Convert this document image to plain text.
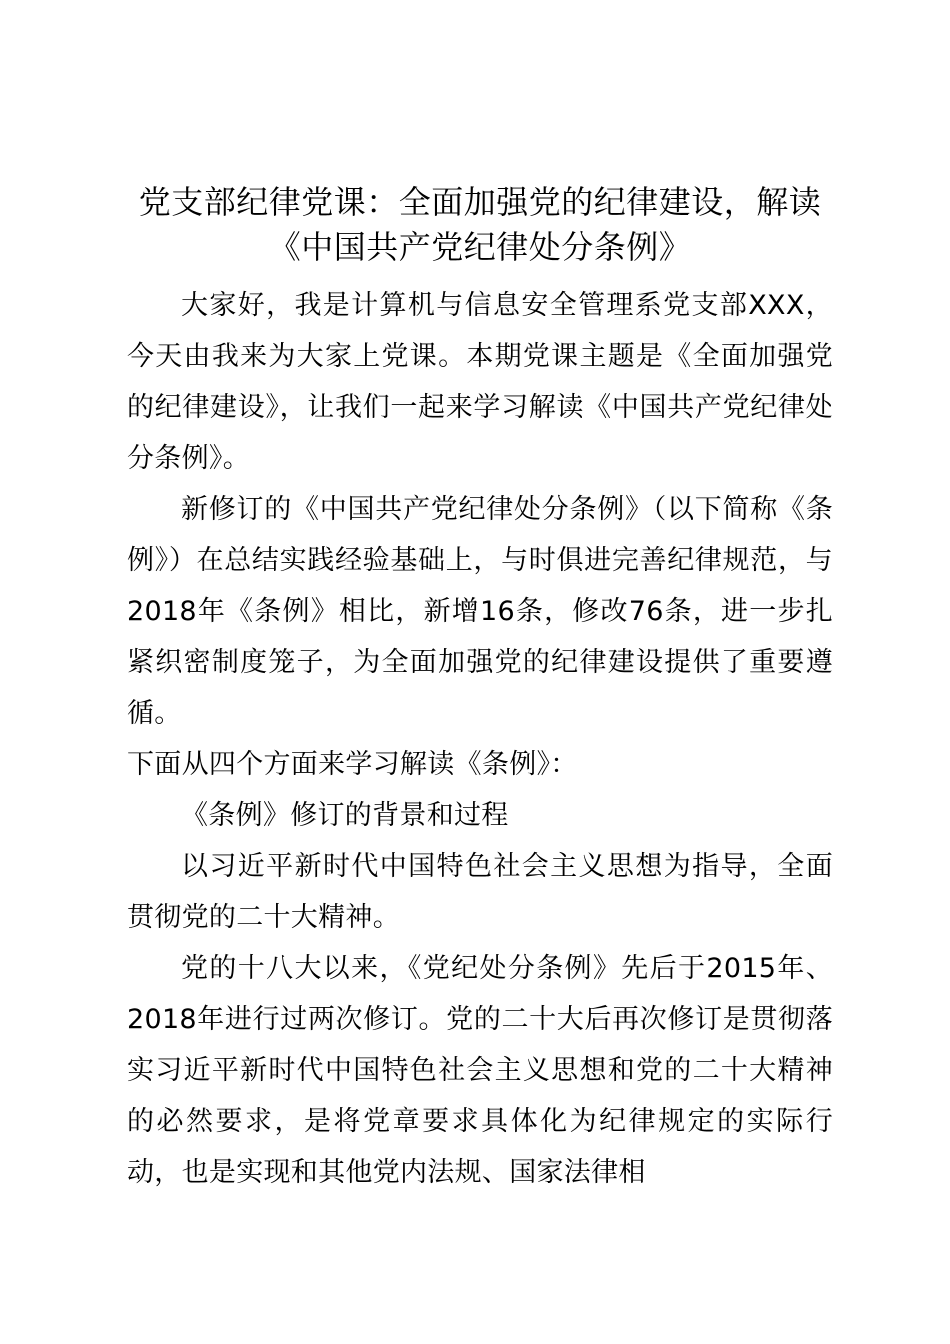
党支部纪律党课：全面加强党的纪律建设，解读《中国共产党纪律处分条例》

大家好，我是计算机与信息安全管理系党支部XXX，今天由我来为大家上党课。本期党课主题是《全面加强党的纪律建设》，让我们一起来学习解读《中国共产党纪律处分条例》。

新修订的《中国共产党纪律处分条例》（以下简称《条例》）在总结实践经验基础上，与时俱进完善纪律规范，与2018年《条例》相比，新增16条，修改76条，进一步扎紧织密制度笼子，为全面加强党的纪律建设提供了重要遵循。

下面从四个方面来学习解读《条例》：

《条例》修订的背景和过程

以习近平新时代中国特色社会主义思想为指导，全面贯彻党的二十大精神。

党的十八大以来，《党纪处分条例》先后于2015年、2018年进行过两次修订。党的二十大后再次修订是贯彻落实习近平新时代中国特色社会主义思想和党的二十大精神的必然要求，是将党章要求具体化为纪律规定的实际行动，也是实现和其他党内法规、国家法律相
